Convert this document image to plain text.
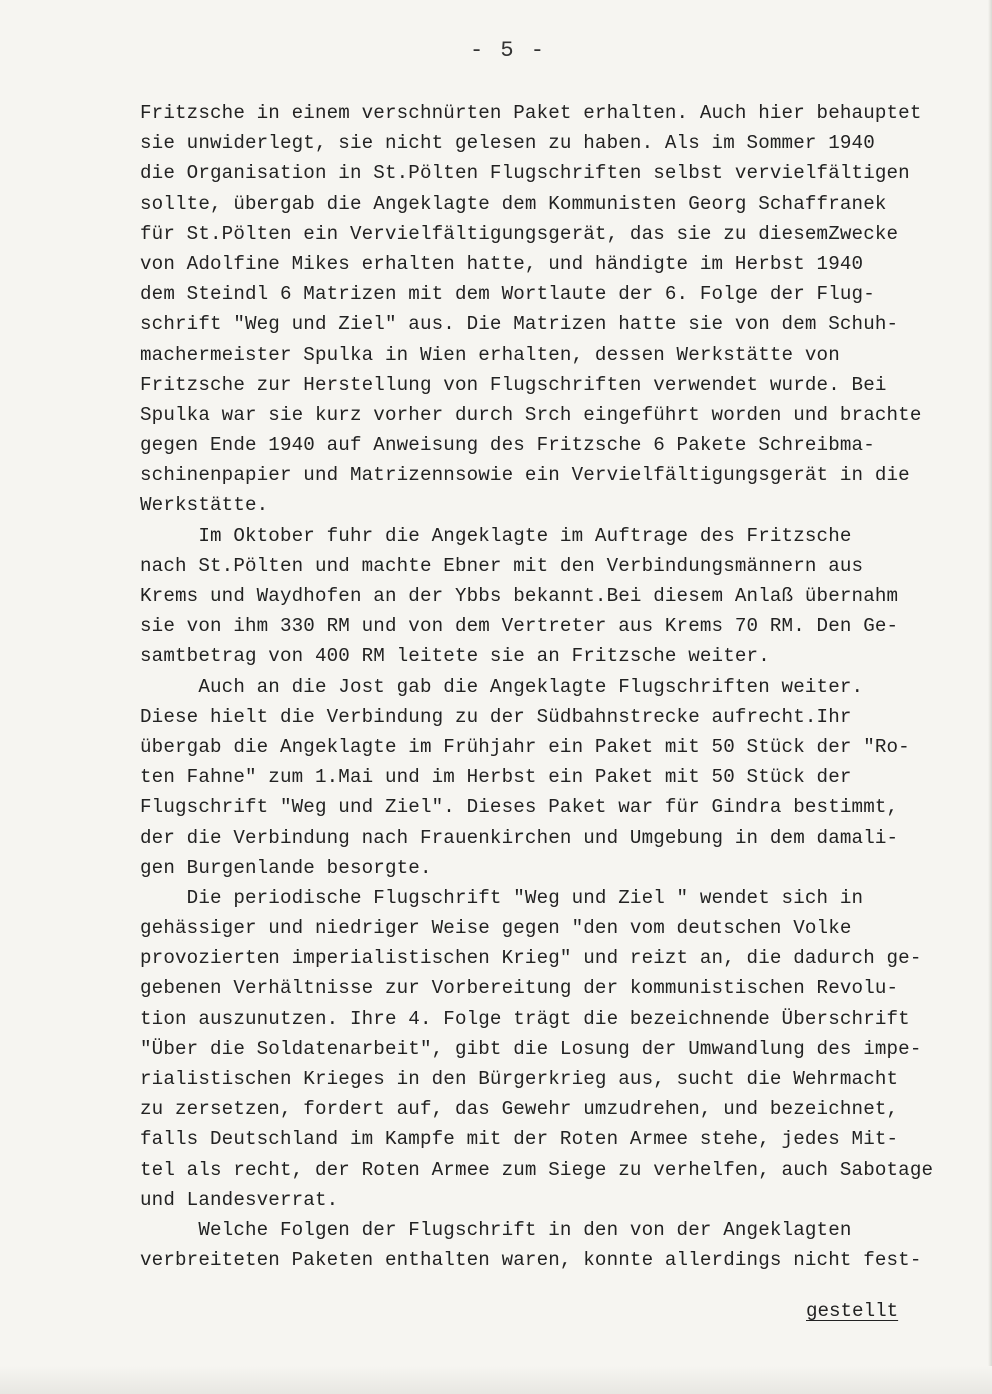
- 5 -
Fritzsche in einem verschnürten Paket erhalten. Auch hier behauptet
sie unwiderlegt, sie nicht gelesen zu haben. Als im Sommer 1940
die Organisation in St.Pölten Flugschriften selbst vervielfältigen
sollte, übergab die Angeklagte dem Kommunisten Georg Schaffranek
für St.Pölten ein Vervielfältigungsgerät, das sie zu diesemZwecke
von Adolfine Mikes erhalten hatte, und händigte im Herbst 1940
dem Steindl 6 Matrizen mit dem Wortlaute der 6. Folge der Flug-
schrift "Weg und Ziel" aus. Die Matrizen hatte sie von dem Schuh-
machermeister Spulka in Wien erhalten, dessen Werkstätte von
Fritzsche zur Herstellung von Flugschriften verwendet wurde. Bei
Spulka war sie kurz vorher durch Srch eingeführt worden und brachte
gegen Ende 1940 auf Anweisung des Fritzsche 6 Pakete Schreibma-
schinenpapier und Matrizennsowie ein Vervielfältigungsgerät in die
Werkstätte.
Im Oktober fuhr die Angeklagte im Auftrage des Fritzsche
nach St.Pölten und machte Ebner mit den Verbindungsmännern aus
Krems und Waydhofen an der Ybbs bekannt.Bei diesem Anlaß übernahm
sie von ihm 330 RM und von dem Vertreter aus Krems 70 RM. Den Ge-
samtbetrag von 400 RM leitete sie an Fritzsche weiter.
Auch an die Jost gab die Angeklagte Flugschriften weiter.
Diese hielt die Verbindung zu der Südbahnstrecke aufrecht.Ihr
übergab die Angeklagte im Frühjahr ein Paket mit 50 Stück der "Ro-
ten Fahne" zum 1.Mai und im Herbst ein Paket mit 50 Stück der
Flugschrift "Weg und Ziel". Dieses Paket war für Gindra bestimmt,
der die Verbindung nach Frauenkirchen und Umgebung in dem damali-
gen Burgenlande besorgte.
Die periodische Flugschrift "Weg und Ziel " wendet sich in
gehässiger und niedriger Weise gegen "den vom deutschen Volke
provozierten imperialistischen Krieg" und reizt an, die dadurch ge-
gebenen Verhältnisse zur Vorbereitung der kommunistischen Revolu-
tion auszunutzen. Ihre 4. Folge trägt die bezeichnende Überschrift
"Über die Soldatenarbeit", gibt die Losung der Umwandlung des impe-
rialistischen Krieges in den Bürgerkrieg aus, sucht die Wehrmacht
zu zersetzen, fordert auf, das Gewehr umzudrehen, und bezeichnet,
falls Deutschland im Kampfe mit der Roten Armee stehe, jedes Mit-
tel als recht, der Roten Armee zum Siege zu verhelfen, auch Sabotage
und Landesverrat.
Welche Folgen der Flugschrift in den von der Angeklagten
verbreiteten Paketen enthalten waren, konnte allerdings nicht fest-
gestellt
